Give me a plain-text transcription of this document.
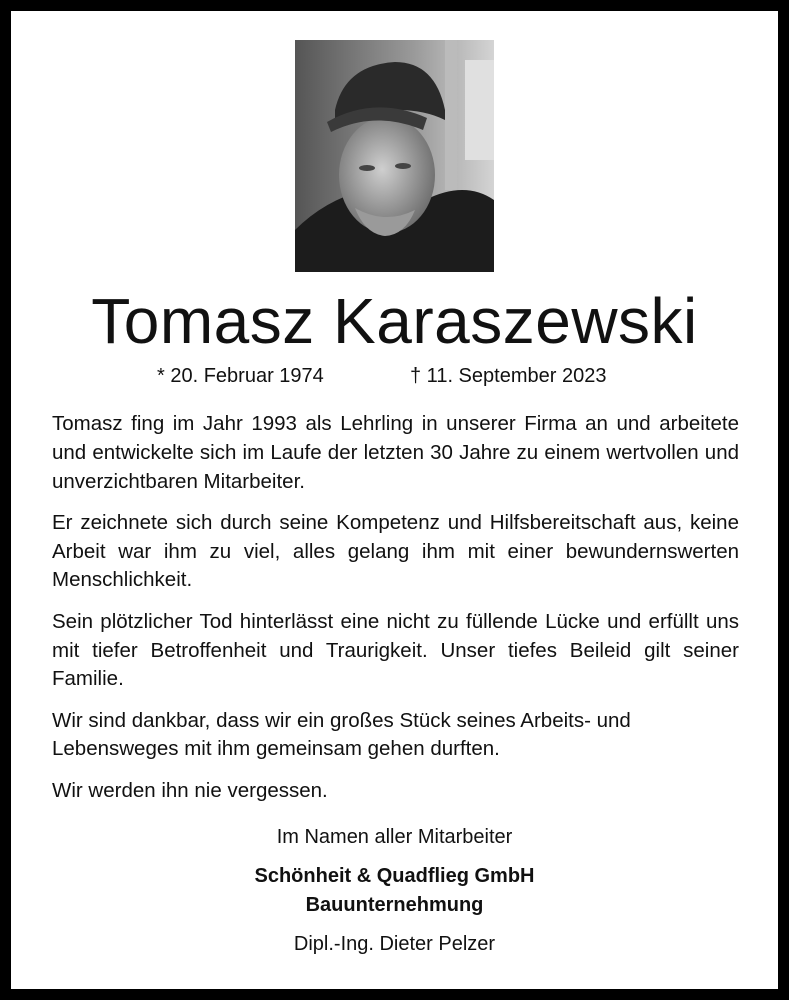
Tomasz Karaszewski
* 20. Februar 1974	† 11. September 2023

Tomasz fing im Jahr 1993 als Lehrling in unserer Firma an und arbeitete und entwickelte sich im Laufe der letzten 30 Jahre zu einem wertvollen und unverzichtbaren Mitarbeiter.

Er zeichnete sich durch seine Kompetenz und Hilfsbereitschaft aus, keine Arbeit war ihm zu viel, alles gelang ihm mit einer bewundernswerten Menschlichkeit.

Sein plötzlicher Tod hinterlässt eine nicht zu füllende Lücke und erfüllt uns mit tiefer Betroffenheit und Traurigkeit. Unser tiefes Beileid gilt seiner Familie.

Wir sind dankbar, dass wir ein großes Stück seines Arbeits- und Lebensweges mit ihm gemeinsam gehen durften.

Wir werden ihn nie vergessen.

Im Namen aller Mitarbeiter
Schönheit & Quadflieg GmbH
Bauunternehmung
Dipl.-Ing. Dieter Pelzer
